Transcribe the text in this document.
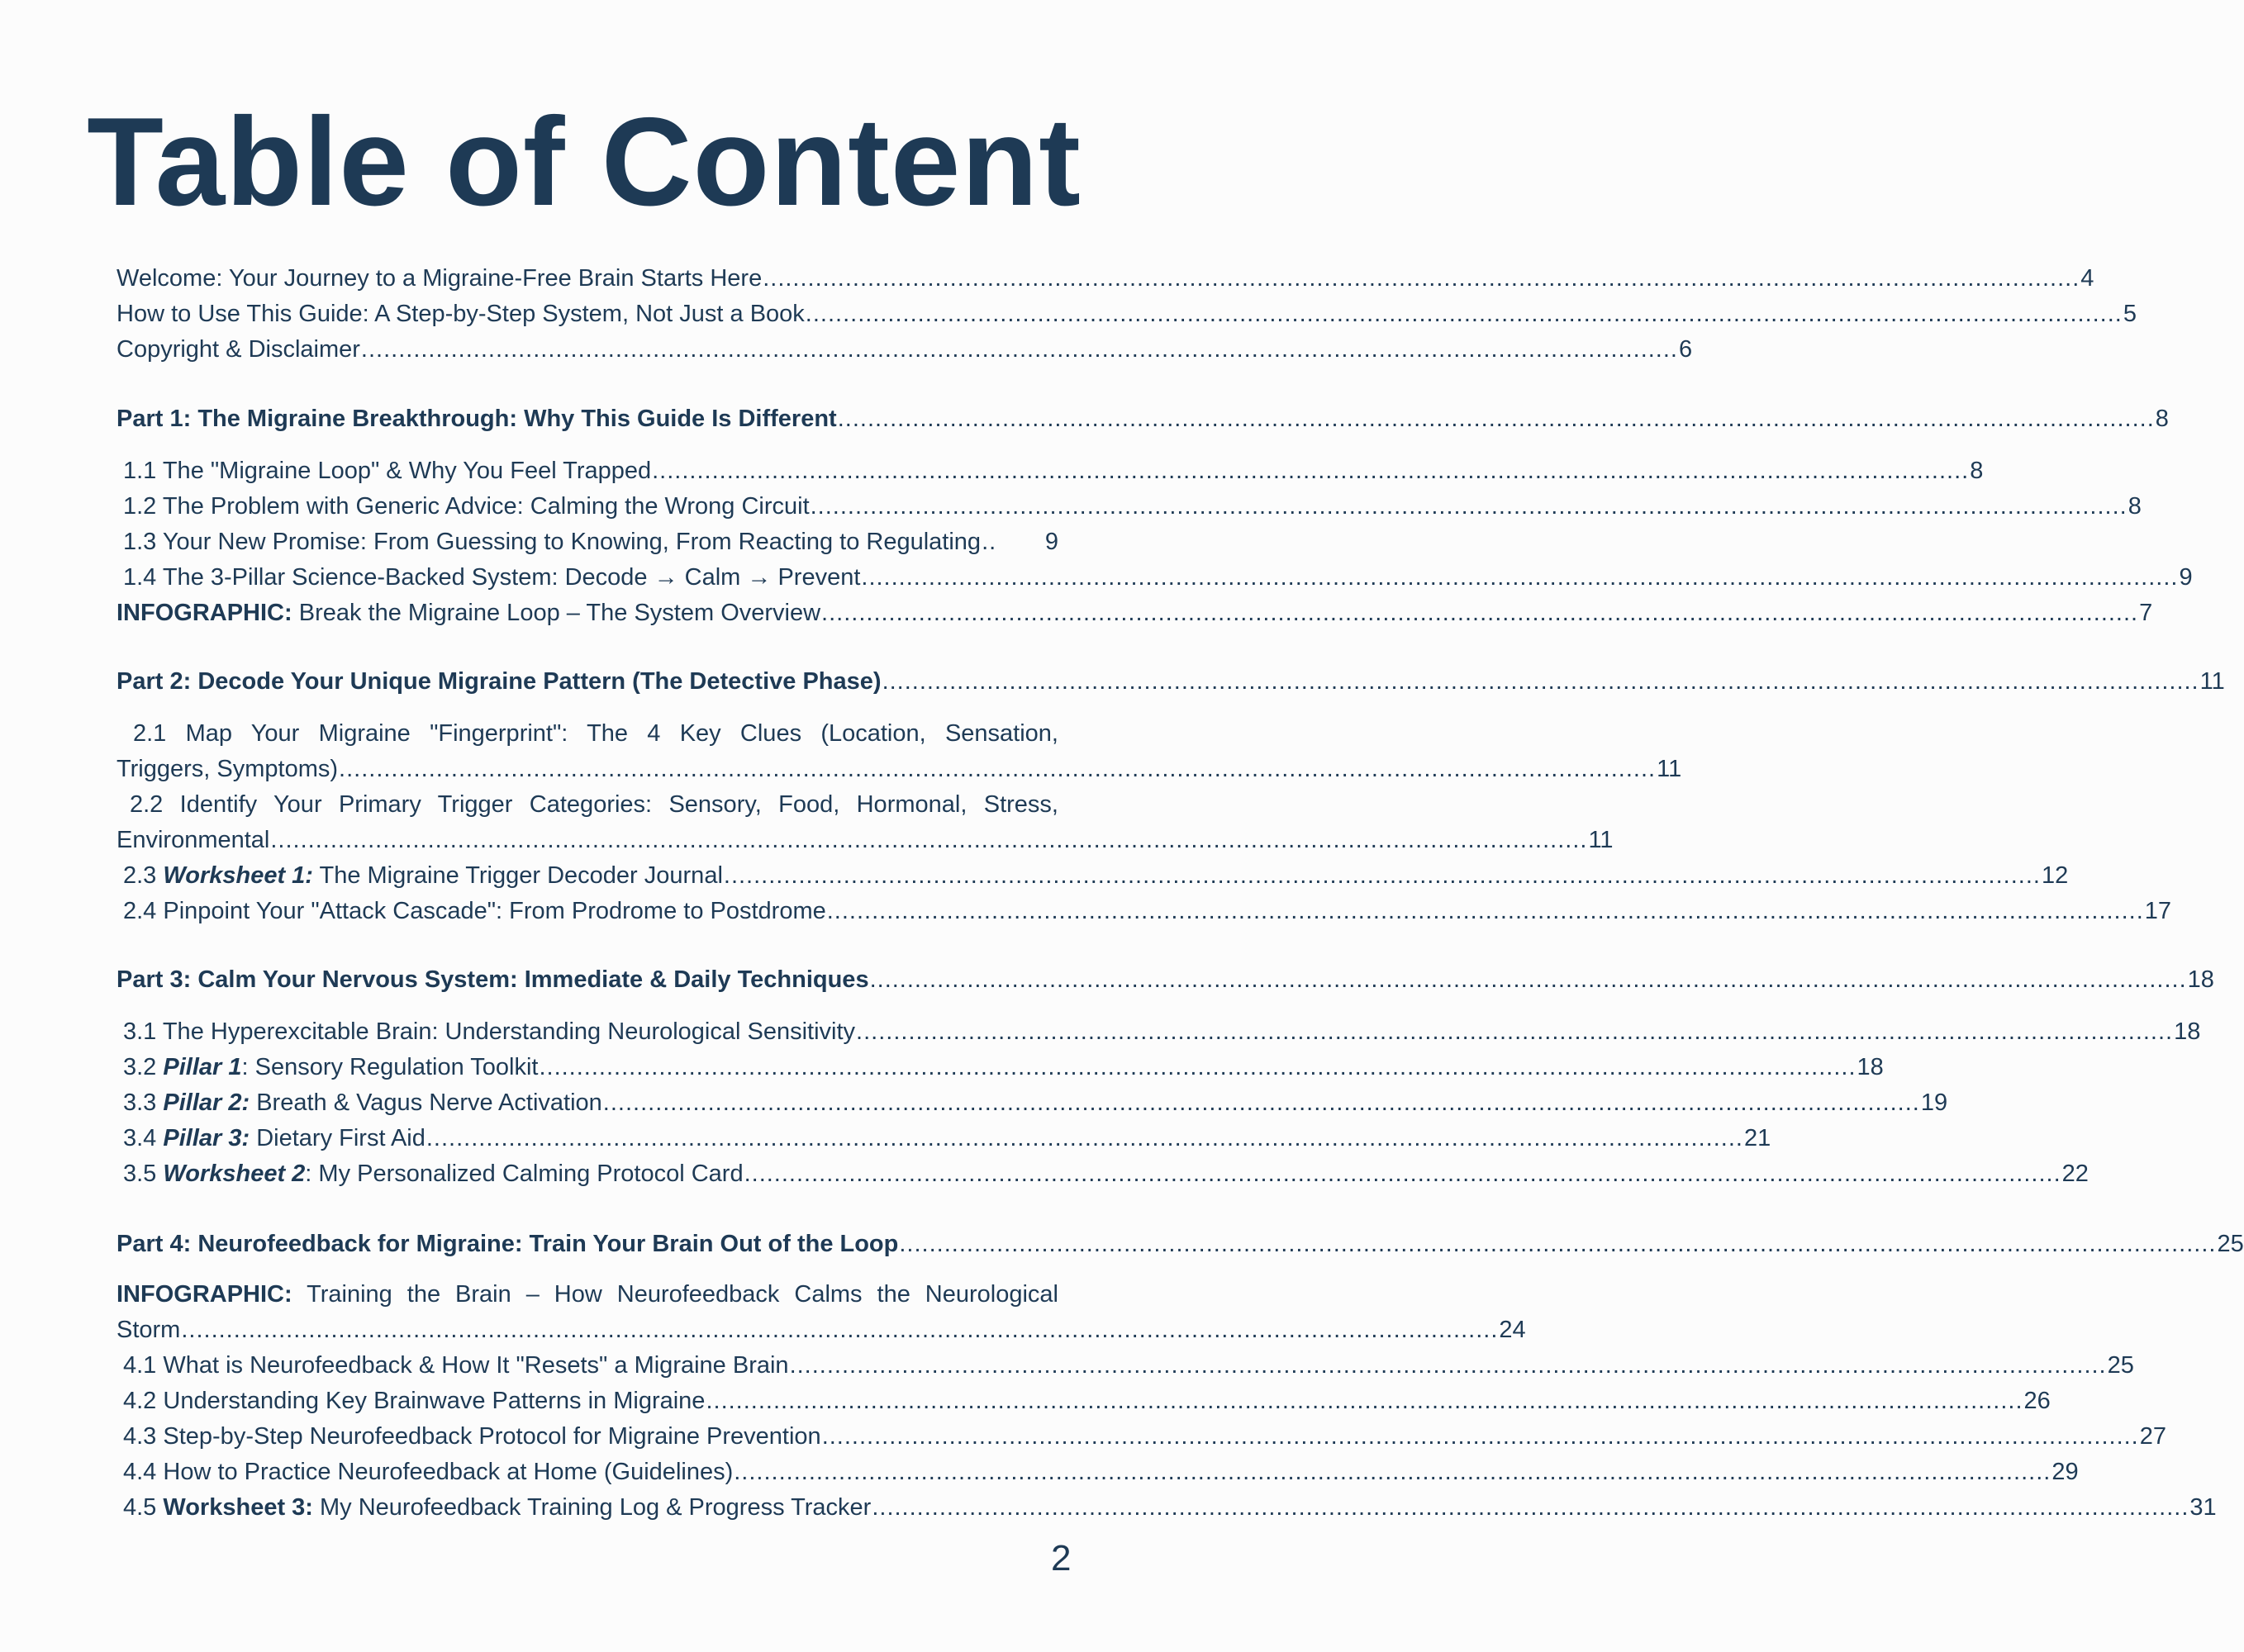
Table of Content
Welcome: Your Journey to a Migraine-Free Brain Starts Here ................................................................................................................................................................................ 4
How to Use This Guide: A Step-by-Step System, Not Just a Book ................................................................................................................................................................................ 5
Copyright & Disclaimer ................................................................................................................................................................................ 6
Part 1: The Migraine Breakthrough: Why This Guide Is Different ................................................................................................................................................................................ 8
1.1 The "Migraine Loop" & Why You Feel Trapped ................................................................................................................................................................................ 8
1.2 The Problem with Generic Advice: Calming the Wrong Circuit ................................................................................................................................................................................ 8
1.3 Your New Promise: From Guessing to Knowing, From Reacting to Regulating ..	9
1.4 The 3-Pillar Science-Backed System: Decode → Calm → Prevent ................................................................................................................................................................................ 9
INFOGRAPHIC: Break the Migraine Loop – The System Overview ................................................................................................................................................................................ 7
Part 2: Decode Your Unique Migraine Pattern (The Detective Phase) ................................................................................................................................................................................ 11
2.1 Map Your Migraine "Fingerprint": The 4 Key Clues (Location, Sensation,
Triggers, Symptoms) ................................................................................................................................................................................ 11
2.2 Identify Your Primary Trigger Categories: Sensory, Food, Hormonal, Stress,
Environmental ................................................................................................................................................................................ 11
2.3 Worksheet 1: The Migraine Trigger Decoder Journal ................................................................................................................................................................................ 12
2.4 Pinpoint Your "Attack Cascade": From Prodrome to Postdrome ................................................................................................................................................................................ 17
Part 3: Calm Your Nervous System: Immediate & Daily Techniques ................................................................................................................................................................................ 18
3.1 The Hyperexcitable Brain: Understanding Neurological Sensitivity ................................................................................................................................................................................ 18
3.2 Pillar 1: Sensory Regulation Toolkit ................................................................................................................................................................................ 18
3.3 Pillar 2: Breath & Vagus Nerve Activation ................................................................................................................................................................................ 19
3.4 Pillar 3: Dietary First Aid ................................................................................................................................................................................ 21
3.5 Worksheet 2: My Personalized Calming Protocol Card ................................................................................................................................................................................ 22
Part 4: Neurofeedback for Migraine: Train Your Brain Out of the Loop ................................................................................................................................................................................ 25
INFOGRAPHIC: Training the Brain – How Neurofeedback Calms the Neurological
Storm ................................................................................................................................................................................ 24
4.1 What is Neurofeedback & How It "Resets" a Migraine Brain ................................................................................................................................................................................ 25
4.2 Understanding Key Brainwave Patterns in Migraine ................................................................................................................................................................................ 26
4.3 Step-by-Step Neurofeedback Protocol for Migraine Prevention ................................................................................................................................................................................ 27
4.4 How to Practice Neurofeedback at Home (Guidelines) ................................................................................................................................................................................ 29
4.5 Worksheet 3: My Neurofeedback Training Log & Progress Tracker ................................................................................................................................................................................ 31
2
